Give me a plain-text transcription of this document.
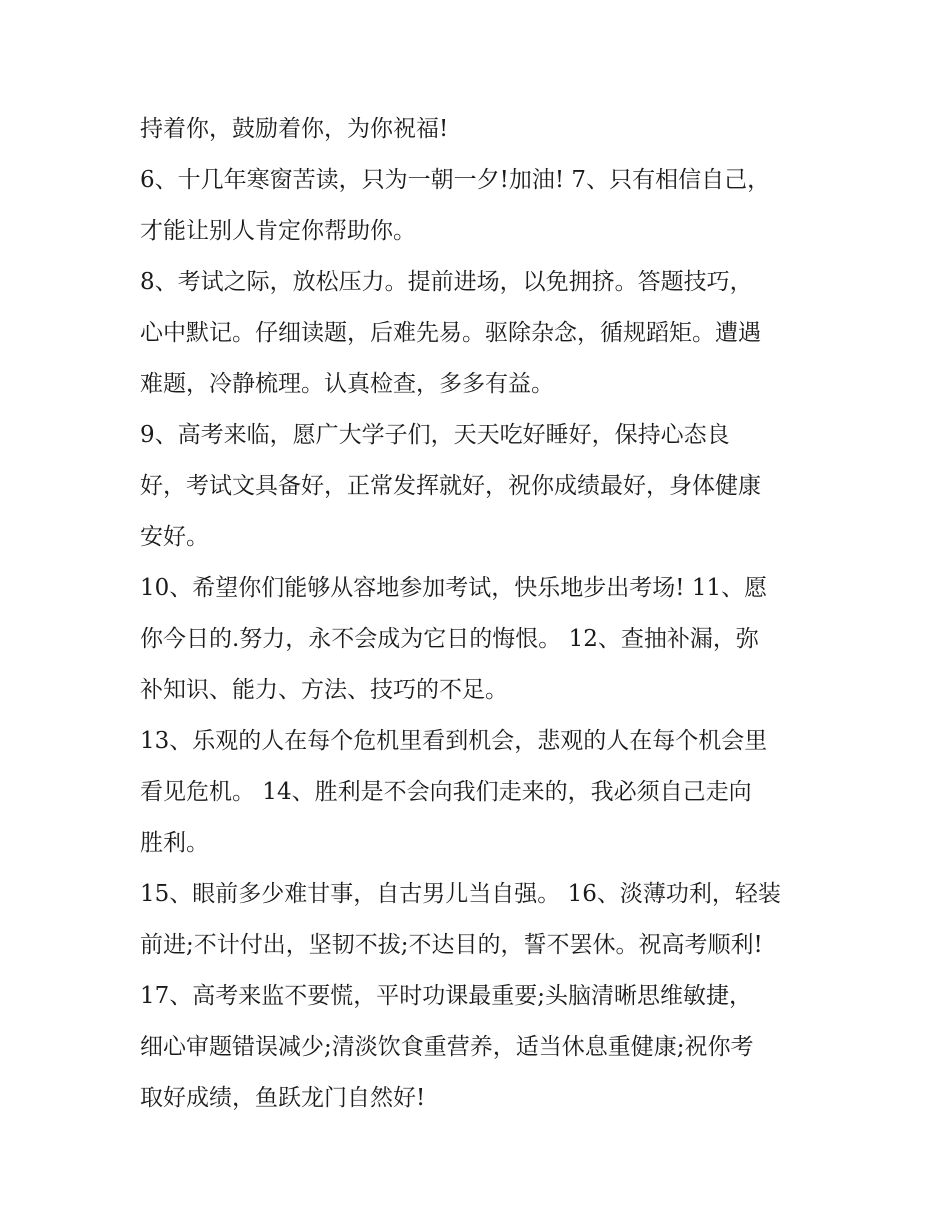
持着你，鼓励着你，为你祝福!
6、十几年寒窗苦读，只为一朝一夕!加油! 7、只有相信自己，
才能让别人肯定你帮助你。
8、考试之际，放松压力。提前进场，以免拥挤。答题技巧，
心中默记。仔细读题，后难先易。驱除杂念，循规蹈矩。遭遇
难题，冷静梳理。认真检查，多多有益。
9、高考来临，愿广大学子们，天天吃好睡好，保持心态良
好，考试文具备好，正常发挥就好，祝你成绩最好，身体健康
安好。
10、希望你们能够从容地参加考试，快乐地步出考场! 11、愿
你今日的.努力，永不会成为它日的悔恨。 12、查抽补漏，弥
补知识、能力、方法、技巧的不足。
13、乐观的人在每个危机里看到机会，悲观的人在每个机会里
看见危机。 14、胜利是不会向我们走来的，我必须自己走向
胜利。
15、眼前多少难甘事，自古男儿当自强。 16、淡薄功利，轻装
前进;不计付出，坚韧不拔;不达目的，誓不罢休。祝高考顺利!
17、高考来监不要慌，平时功课最重要;头脑清晰思维敏捷，
细心审题错误减少;清淡饮食重营养，适当休息重健康;祝你考
取好成绩，鱼跃龙门自然好!
